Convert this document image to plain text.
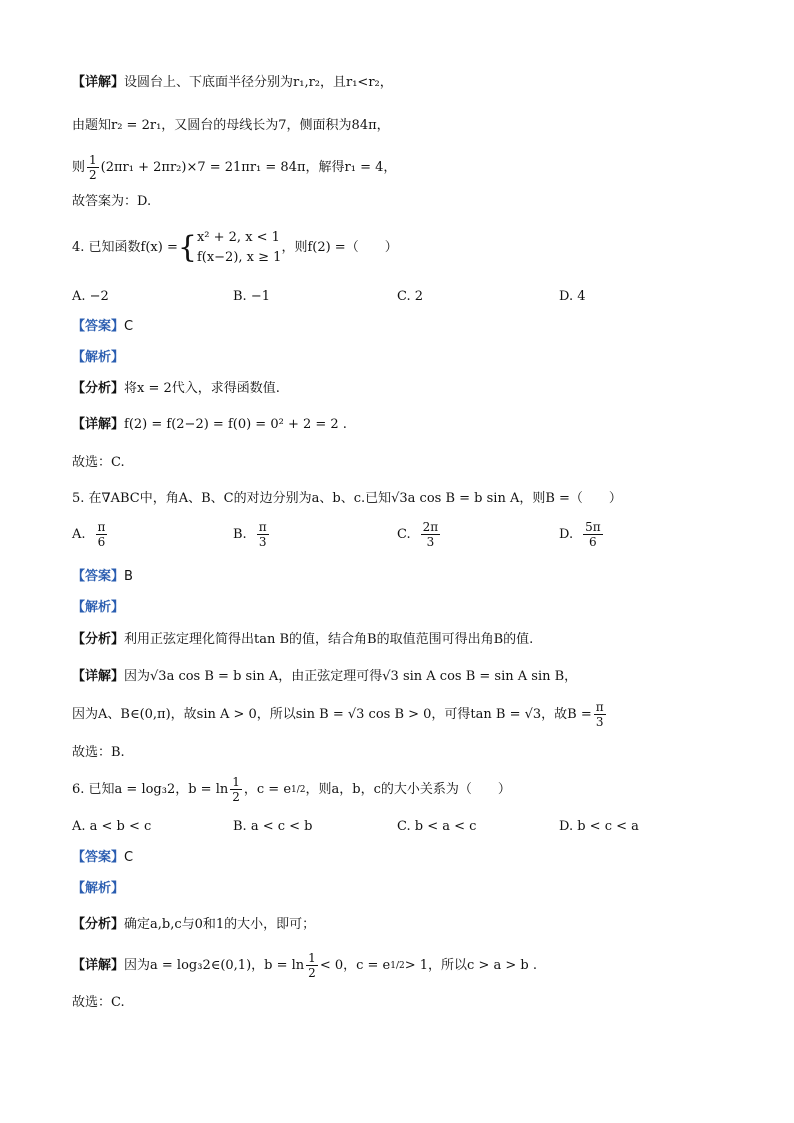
【详解】设圆台上、下底面半径分别为r₁,r₂，且r₁<r₂，
由题知r₂ = 2r₁，又圆台的母线长为7，侧面积为84π，
则 $\frac{1}{2} (2\pi r_1 + 2\pi r_2)\times 7 = 21\pi r_1 = 84\pi$，解得r₁ = 4，
故答案为：D.
4. 已知函数f(x) = { x² + 2, x < 1
f(x−2), x ≥ 1
，则f(2) =（　　）
A. −2	B. −1	C. 2	D. 4
【答案】C
【解析】
【分析】将x = 2代入，求得函数值.
【详解】f(2) = f(2−2) = f(0) = 0² + 2 = 2 .
故选：C.
5. 在∇ABC中，角A、B、C的对边分别为a、b、c.已知√3a cos B = b sin A，则B =（　　）
A. $\frac{\pi}{6}$	B. $\frac{\pi}{3}$	C. $\frac{2\pi}{3}$	D. $\frac{5\pi}{6}$
【答案】B
【解析】
【分析】利用正弦定理化简得出tan B的值，结合角B的取值范围可得出角B的值.
【详解】因为√3a cos B = b sin A，由正弦定理可得√3 sin A cos B = sin A sin B，
因为A、B∈(0,π)，故sin A > 0，所以sin B = √3 cos B > 0，可得tan B = √3，故$B = \frac{\pi}{3}$
故选：B.
6. 已知a = log₃2，$b = \ln \frac{1}{2}$ ，c = e 1/2 ，则a，b，c的大小关系为（　　）
A. a < b < c	B. a < c < b	C. b < a < c	D. b < c < a
【答案】C
【解析】
【分析】确定a,b,c与0和1的大小，即可；
【详解】 因为a = log₃2∈(0,1)，$b = \ln \frac{1}{2} < 0$，c = e 1/2 > 1，所以c > a > b .
故选：C.
